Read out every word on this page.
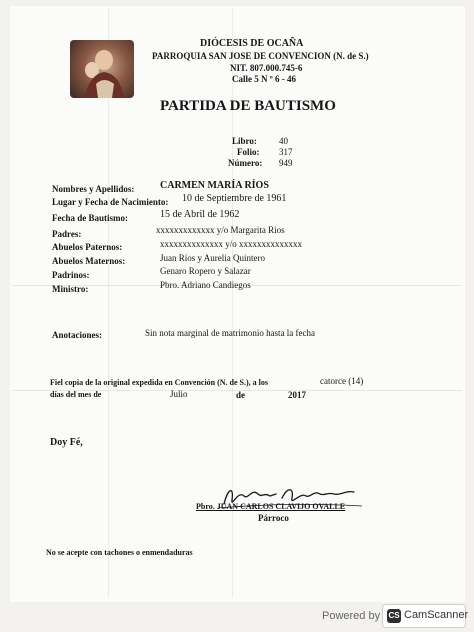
DIÓCESIS DE OCAÑA
PARROQUIA SAN JOSE DE CONVENCION (N. de S.)
NIT. 807.000.745-6
Calle 5 N º 6 - 46
PARTIDA DE BAUTISMO
Libro: 40
Folio: 317
Número: 949
Nombres y Apellidos:	CARMEN MARÍA RÍOS
Lugar y Fecha de Nacimiento: 10 de Septiembre de 1961
Fecha de Bautismo:	15 de Abril de 1962
Padres:	xxxxxxxxxxxxx y/o Margarita Ríos
Abuelos Paternos:	xxxxxxxxxxxxxx y/o xxxxxxxxxxxxxx
Abuelos Maternos:	Juan Ríos y Aurelia Quintero
Padrinos:	Genaro Ropero y Salazar
Ministro:	Pbro. Adriano Candiegos
Anotaciones:	Sin nota marginal de matrimonio hasta la fecha
Fiel copia de la original expedida en Convención (N. de S.), a los	catorce (14)
días del mes de	Julio	de	2017
Doy Fé,
Pbro. JUAN CARLOS CLAVIJO OVALLE
Párroco
No se acepte con tachones o enmendaduras
Powered by CS CamScanner
